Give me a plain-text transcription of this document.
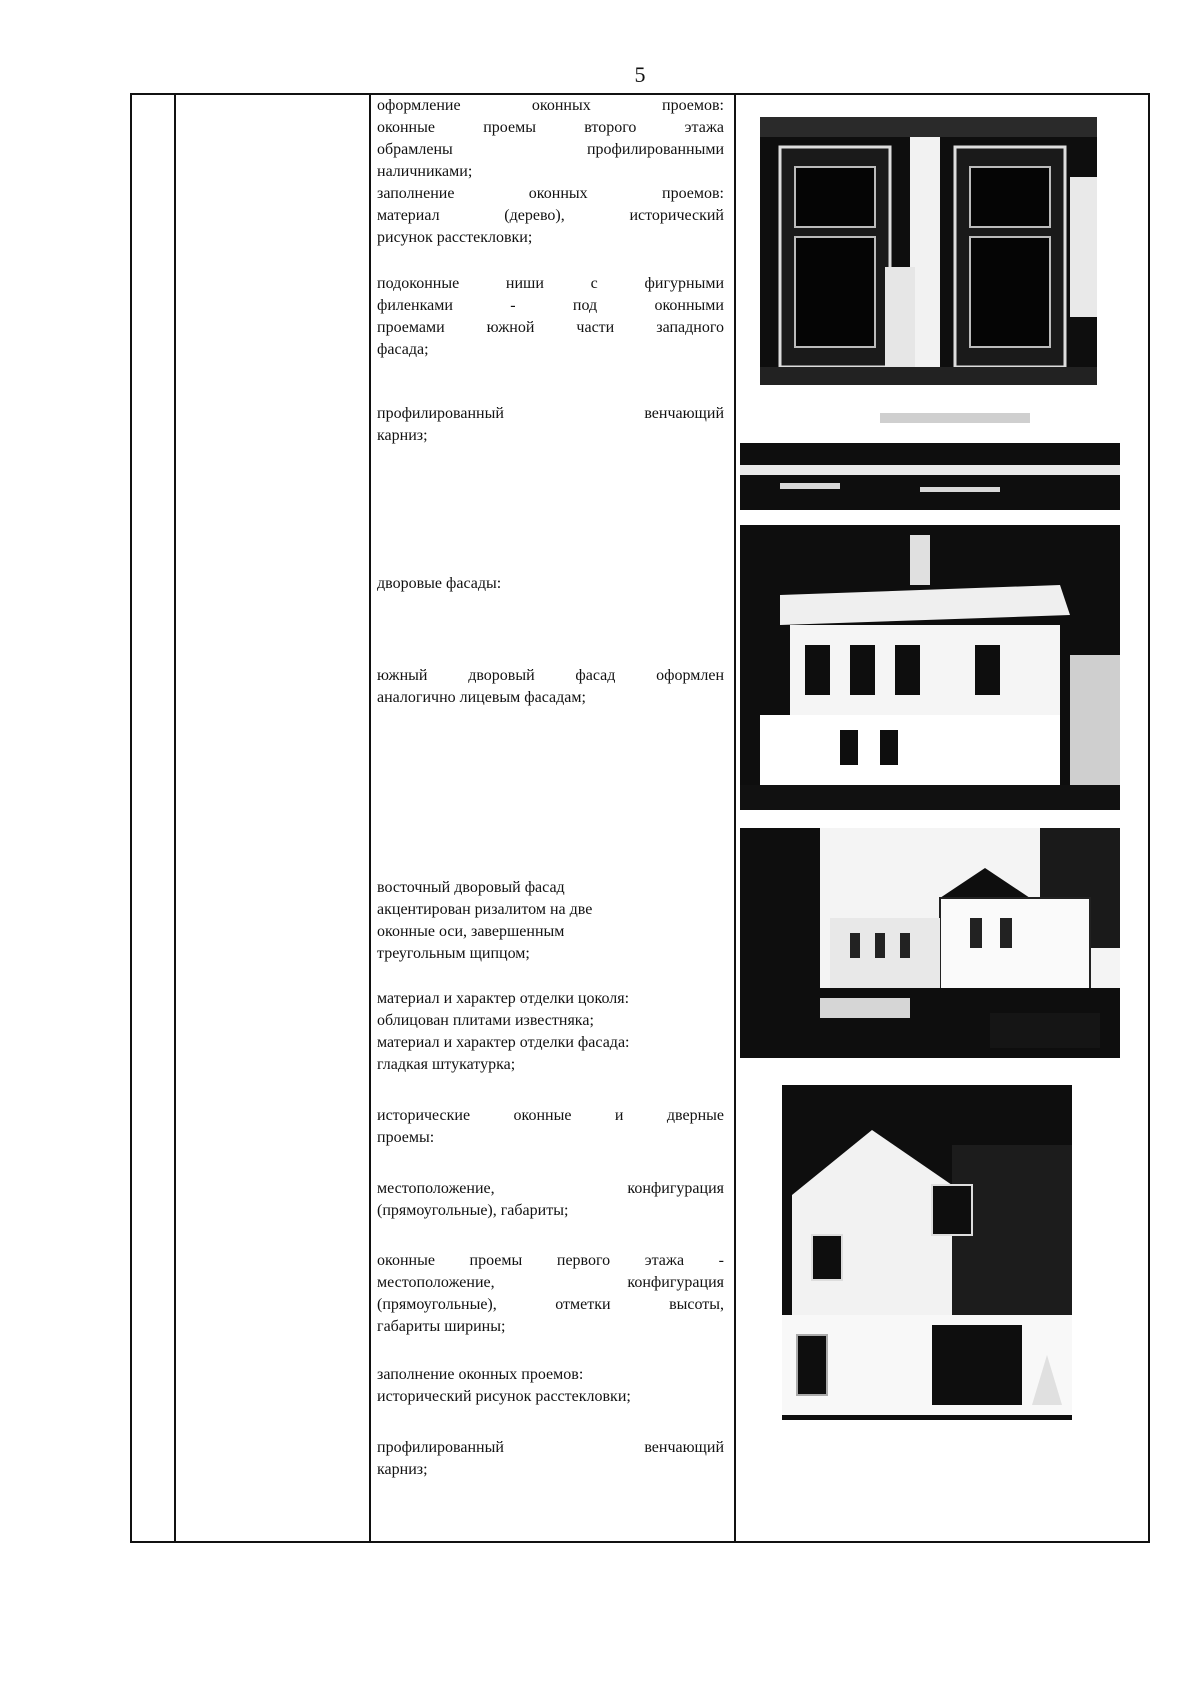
5

оформление оконных проемов:

оконные проемы второго этажа

обрамлены профилированными

наличниками;

заполнение оконных проемов:

материал (дерево), исторический

рисунок расстекловки;

подоконные ниши с фигурными

филенками - под оконными

проемами южной части западного

фасада;

профилированный венчающий

карниз;

дворовые фасады:

южный дворовый фасад оформлен

аналогично лицевым фасадам;

восточный дворовый фасад

акцентирован ризалитом на две

оконные оси, завершенным

треугольным щипцом;

материал и характер отделки цоколя:

облицован плитами известняка;

материал и характер отделки фасада:

гладкая штукатурка;

исторические оконные и дверные

проемы:

местоположение, конфигурация

(прямоугольные), габариты;

оконные проемы первого этажа -

местоположение, конфигурация

(прямоугольные), отметки высоты,

габариты ширины;

заполнение оконных проемов:

исторический рисунок расстекловки;

профилированный венчающий

карниз;
